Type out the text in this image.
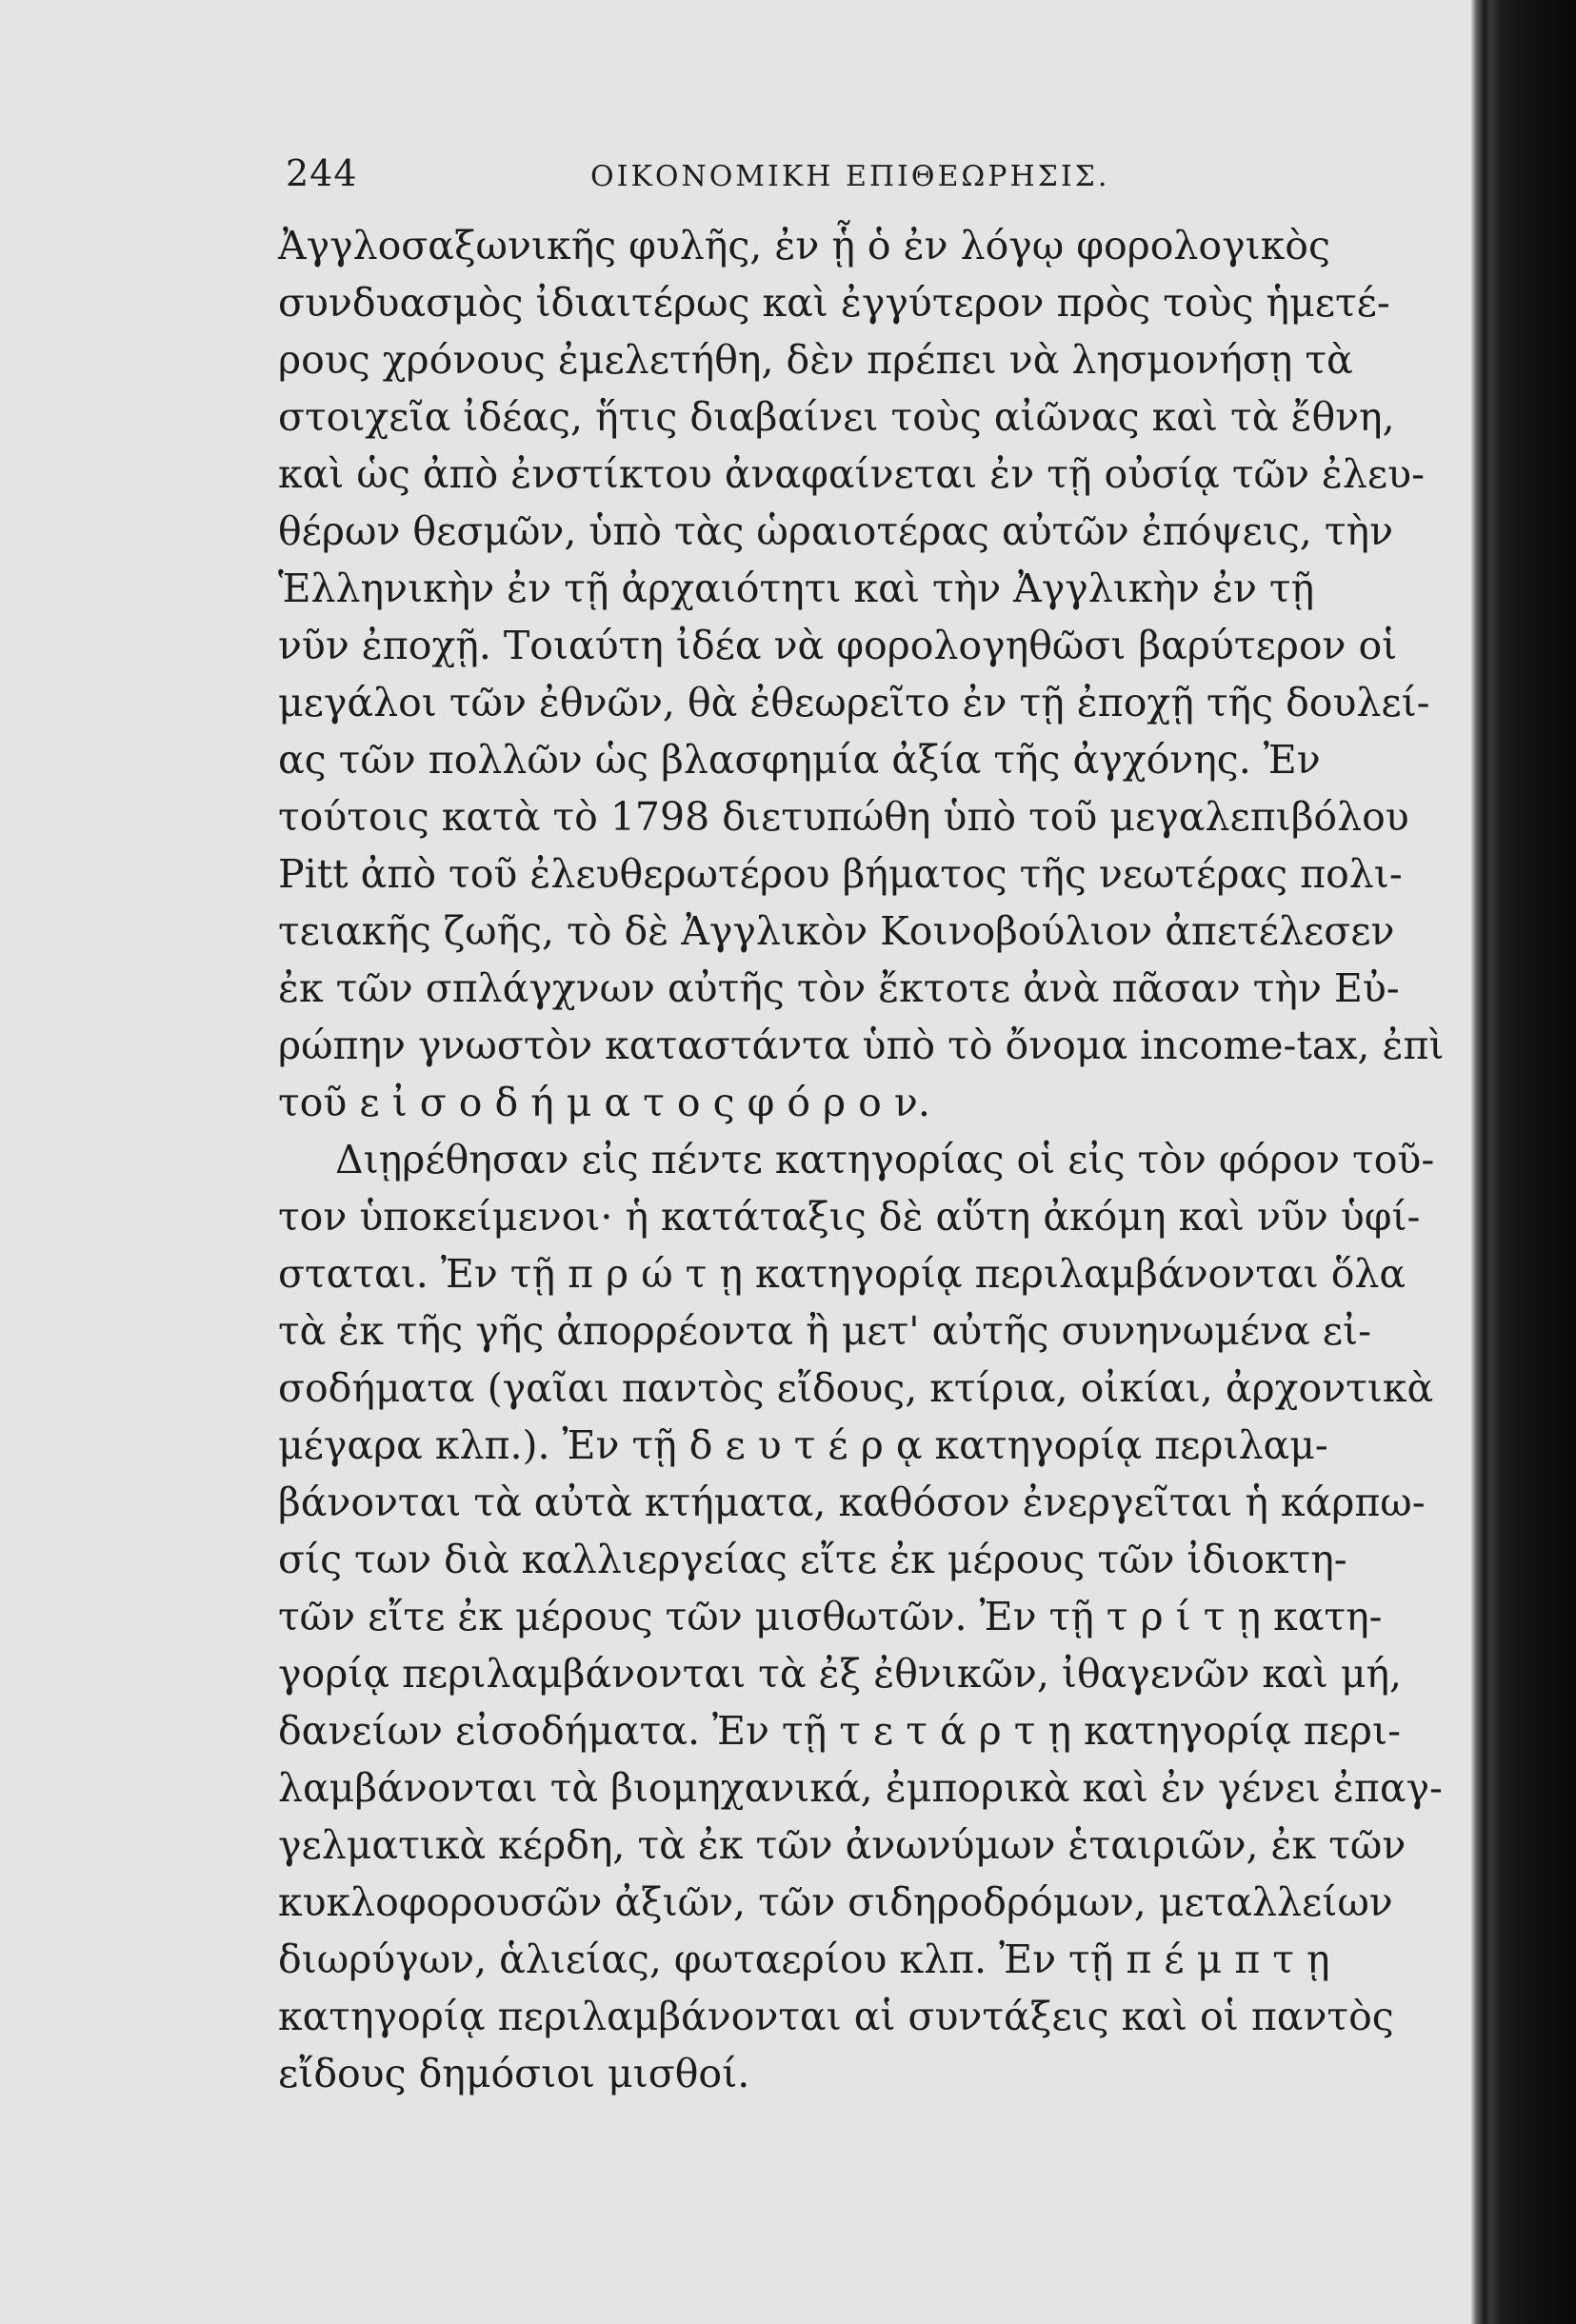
244	ΟΙΚΟΝΟΜΙΚΗ ΕΠΙΘΕΩΡΗΣΙΣ.
Ἀγγλοσαξωνικῆς φυλῆς, ἐν ᾗ ὁ ἐν λόγῳ φορολογικὸς
συνδυασμὸς ἰδιαιτέρως καὶ ἐγγύτερον πρὸς τοὺς ἡμετέ-
ρους χρόνους ἐμελετήθη, δὲν πρέπει νὰ λησμονήσῃ τὰ
στοιχεῖα ἰδέας, ἥτις διαβαίνει τοὺς αἰῶνας καὶ τὰ ἔθνη,
καὶ ὡς ἀπὸ ἐνστίκτου ἀναφαίνεται ἐν τῇ οὐσίᾳ τῶν ἐλευ-
θέρων θεσμῶν, ὑπὸ τὰς ὡραιοτέρας αὐτῶν ἐπόψεις, τὴν
Ἑλληνικὴν ἐν τῇ ἀρχαιότητι καὶ τὴν Ἀγγλικὴν ἐν τῇ
νῦν ἐποχῇ. Τοιαύτη ἰδέα νὰ φορολογηθῶσι βαρύτερον οἱ
μεγάλοι τῶν ἐθνῶν, θὰ ἐθεωρεῖτο ἐν τῇ ἐποχῇ τῆς δουλεί-
ας τῶν πολλῶν ὡς βλασφημία ἀξία τῆς ἀγχόνης. Ἐν
τούτοις κατὰ τὸ 1798 διετυπώθη ὑπὸ τοῦ μεγαλεπιβόλου
Pitt ἀπὸ τοῦ ἐλευθερωτέρου βήματος τῆς νεωτέρας πολι-
τειακῆς ζωῆς, τὸ δὲ Ἀγγλικὸν Κοινοβούλιον ἀπετέλεσεν
ἐκ τῶν σπλάγχνων αὐτῆς τὸν ἔκτοτε ἀνὰ πᾶσαν τὴν Εὐ-
ρώπην γνωστὸν καταστάντα ὑπὸ τὸ ὄνομα income-tax, ἐπὶ
τοῦ ε ἰ σ ο δ ή μ α τ ο ς φ ό ρ ο ν.
Διῃρέθησαν εἰς πέντε κατηγορίας οἱ εἰς τὸν φόρον τοῦ-
τον ὑποκείμενοι· ἡ κατάταξις δὲ αὕτη ἀκόμη καὶ νῦν ὑφί-
σταται. Ἐν τῇ π ρ ώ τ ῃ κατηγορίᾳ περιλαμβάνονται ὅλα
τὰ ἐκ τῆς γῆς ἀπορρέοντα ἢ μετ' αὐτῆς συνηνωμένα εἰ-
σοδήματα (γαῖαι παντὸς εἴδους, κτίρια, οἰκίαι, ἀρχοντικὰ
μέγαρα κλπ.). Ἐν τῇ δ ε υ τ έ ρ ᾳ κατηγορίᾳ περιλαμ-
βάνονται τὰ αὐτὰ κτήματα, καθόσον ἐνεργεῖται ἡ κάρπω-
σίς των διὰ καλλιεργείας εἴτε ἐκ μέρους τῶν ἰδιοκτη-
τῶν εἴτε ἐκ μέρους τῶν μισθωτῶν. Ἐν τῇ τ ρ ί τ ῃ κατη-
γορίᾳ περιλαμβάνονται τὰ ἐξ ἐθνικῶν, ἰθαγενῶν καὶ μή,
δανείων εἰσοδήματα. Ἐν τῇ τ ε τ ά ρ τ ῃ κατηγορίᾳ περι-
λαμβάνονται τὰ βιομηχανικά, ἐμπορικὰ καὶ ἐν γένει ἐπαγ-
γελματικὰ κέρδη, τὰ ἐκ τῶν ἀνωνύμων ἑταιριῶν, ἐκ τῶν
κυκλοφορουσῶν ἀξιῶν, τῶν σιδηροδρόμων, μεταλλείων
διωρύγων, ἁλιείας, φωταερίου κλπ. Ἐν τῇ π έ μ π τ ῃ
κατηγορίᾳ περιλαμβάνονται αἱ συντάξεις καὶ οἱ παντὸς
εἴδους δημόσιοι μισθοί.
